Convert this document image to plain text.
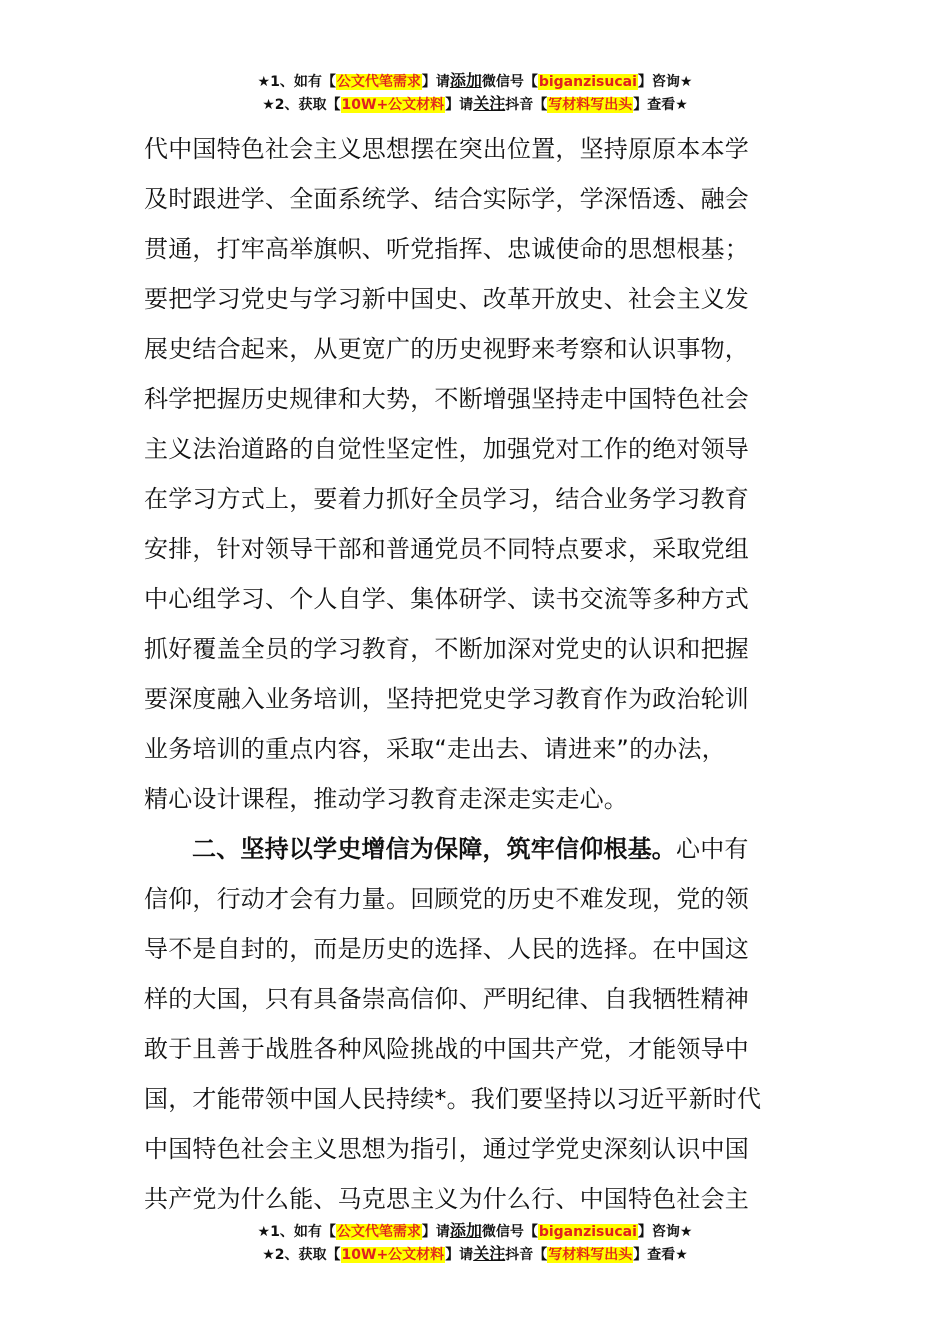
★1、如有【公文代笔需求】请添加微信号【biganzisucai】咨询★
★2、获取【10W+公文材料】请关注抖音【写材料写出头】查看★
代中国特色社会主义思想摆在突出位置，坚持原原本本学
及时跟进学、全面系统学、结合实际学，学深悟透、融会
贯通，打牢高举旗帜、听党指挥、忠诚使命的思想根基；
要把学习党史与学习新中国史、改革开放史、社会主义发
展史结合起来，从更宽广的历史视野来考察和认识事物，
科学把握历史规律和大势，不断增强坚持走中国特色社会
主义法治道路的自觉性坚定性，加强党对工作的绝对领导
在学习方式上，要着力抓好全员学习，结合业务学习教育
安排，针对领导干部和普通党员不同特点要求，采取党组
中心组学习、个人自学、集体研学、读书交流等多种方式
抓好覆盖全员的学习教育，不断加深对党史的认识和把握
要深度融入业务培训，坚持把党史学习教育作为政治轮训
业务培训的重点内容，采取“走出去、请进来”的办法，
精心设计课程，推动学习教育走深走实走心。
二、坚持以学史增信为保障，筑牢信仰根基。心中有
信仰，行动才会有力量。回顾党的历史不难发现，党的领
导不是自封的，而是历史的选择、人民的选择。在中国这
样的大国，只有具备崇高信仰、严明纪律、自我牺牲精神
敢于且善于战胜各种风险挑战的中国共产党，才能领导中
国，才能带领中国人民持续*。我们要坚持以习近平新时代
中国特色社会主义思想为指引，通过学党史深刻认识中国
共产党为什么能、马克思主义为什么行、中国特色社会主
★1、如有【公文代笔需求】请添加微信号【biganzisucai】咨询★
★2、获取【10W+公文材料】请关注抖音【写材料写出头】查看★
